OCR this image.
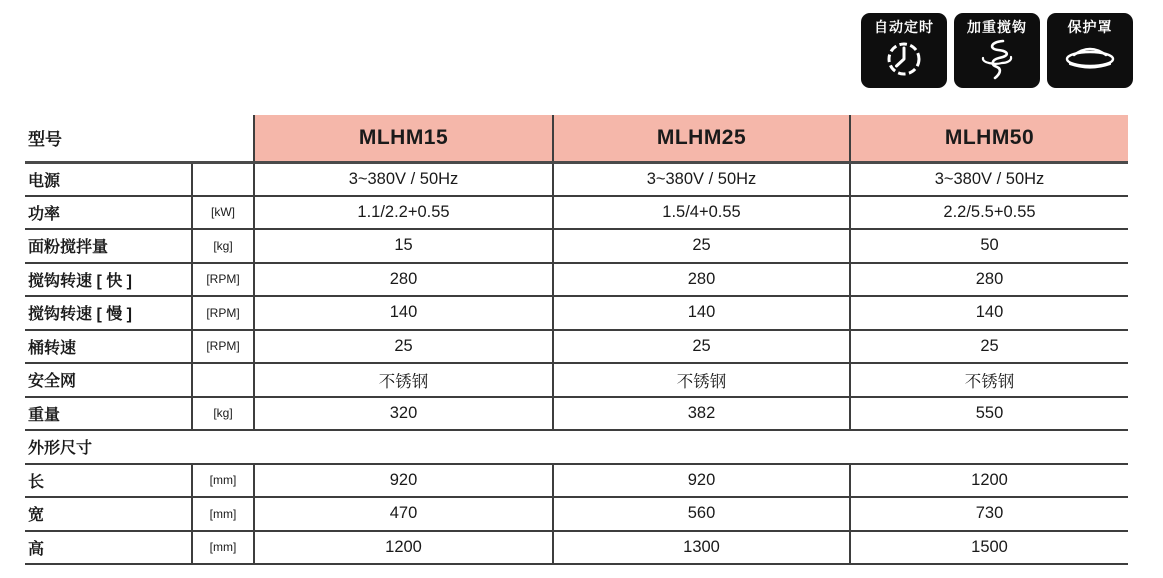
自动定时 加重搅钩	保护罩
型号		MLHM15	MLHM25	MLHM50
电源		3~380V / 50Hz	3~380V / 50Hz	3~380V / 50Hz
功率	[kW]	1.1/2.2+0.55	1.5/4+0.55	2.2/5.5+0.55
面粉搅拌量	[kg]	15	25	50
搅钩转速 [ 快 ]	[RPM]	280	280	280
搅钩转速 [ 慢 ]	[RPM]	140	140	140
桶转速	[RPM]	25	25	25
安全网		不锈钢	不锈钢	不锈钢
重量	[kg]	320	382	550
外形尺寸				
长	[mm]	920	920	1200
宽	[mm]	470	560	730
高	[mm]	1200	1300	1500
